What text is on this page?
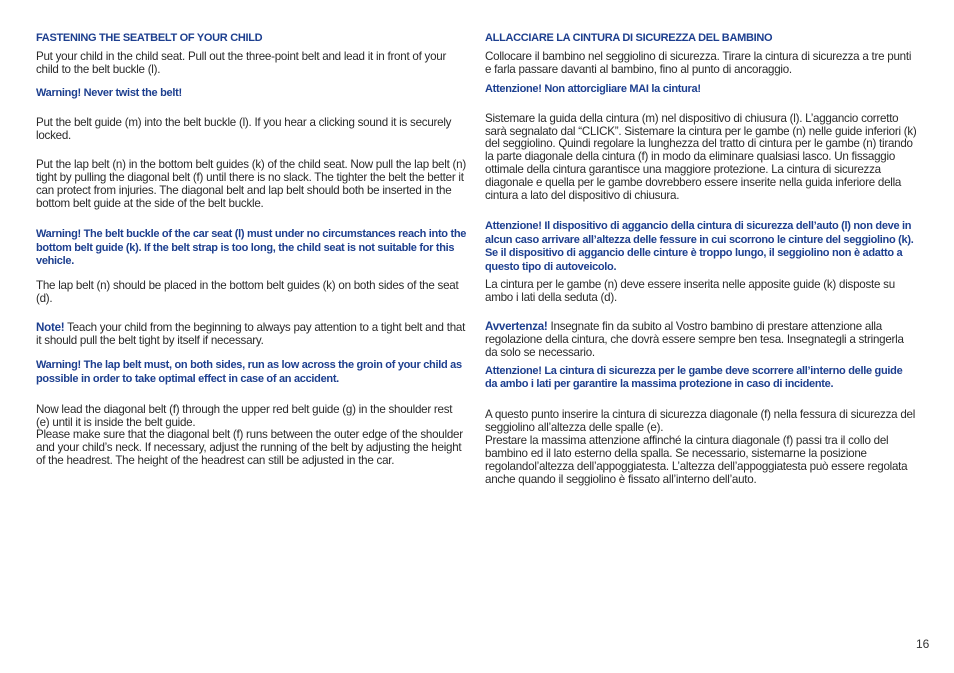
FASTENING THE SEATBELT OF YOUR CHILD

Put your child in the child seat. Pull out the three-point belt and lead it in front of your child to the belt buckle (l).

Warning! Never twist the belt!

Put the belt guide (m) into the belt buckle (l). If you hear a clicking sound it is securely locked.

Put the lap belt (n) in the bottom belt guides (k) of the child seat. Now pull the lap belt (n) tight by pulling the diagonal belt (f) until there is no slack. The tighter the belt the better it can protect from injuries. The diagonal belt and lap belt should both be inserted in the bottom belt guide at the side of the belt buckle.

Warning! The belt buckle of the car seat (l) must under no circumstances reach into the bottom belt guide (k). If the belt strap is too long, the child seat is not suitable for this vehicle.

The lap belt (n) should be placed in the bottom belt guides (k) on both sides of the seat (d).

Note! Teach your child from the beginning to always pay attention to a tight belt and that it should pull the belt tight by itself if necessary.

Warning! The lap belt must, on both sides, run as low across the groin of your child as possible in order to take optimal effect in case of an accident.

Now lead the diagonal belt (f) through the upper red belt guide (g) in the shoulder rest (e) until it is inside the belt guide.

Please make sure that the diagonal belt (f) runs between the outer edge of the shoulder and your child’s neck. If necessary, adjust the running of the belt by adjusting the height of the headrest. The height of the headrest can still be adjusted in the car.

ALLACCIARE LA CINTURA DI SICUREZZA DEL BAMBINO

Collocare il bambino nel seggiolino di sicurezza. Tirare la cintura di sicurezza a tre punti e farla passare davanti al bambino, fino al punto di ancoraggio.

Attenzione! Non attorcigliare MAI la cintura!

Sistemare la guida della cintura (m) nel dispositivo di chiusura (l). L’aggancio corretto sarà segnalato dal “CLICK”. Sistemare la cintura per le gambe (n) nelle guide inferiori (k) del seggiolino. Quindi regolare la lunghezza del tratto di cintura per le gambe (n) tirando la parte diagonale della cintura (f) in modo da eliminare qualsiasi lasco. Un fissaggio ottimale della cintura garantisce una maggiore protezione. La cintura di sicurezza diagonale e quella per le gambe dovrebbero essere inserite nella guida inferiore della cintura a lato del dispositivo di chiusura.

Attenzione! Il dispositivo di aggancio della cintura di sicurezza dell’auto (l) non deve in alcun caso arrivare all’altezza delle fessure in cui scorrono le cinture del seggiolino (k). Se il dispositivo di aggancio delle cinture è troppo lungo, il seggiolino non è adatto a questo tipo di autoveicolo.

La cintura per le gambe (n) deve essere inserita nelle apposite guide (k) disposte su ambo i lati della seduta (d).

Avvertenza! Insegnate fin da subito al Vostro bambino di prestare attenzione alla regolazione della cintura, che dovrà essere sempre ben tesa. Insegnategli a stringerla da solo se necessario.

Attenzione! La cintura di sicurezza per le gambe deve scorrere all’interno delle guide da ambo i lati per garantire la massima protezione in caso di incidente.

A questo punto inserire la cintura di sicurezza diagonale (f) nella fessura di sicurezza del seggiolino all’altezza delle spalle (e).

Prestare la massima attenzione affinché la cintura diagonale (f) passi tra il collo del bambino ed il lato esterno della spalla. Se necessario, sistemarne la posizione regolandol’altezza dell’appoggiatesta. L’altezza dell’appoggiatesta può essere regolata anche quando il seggiolino è fissato all’interno dell’auto.

16
